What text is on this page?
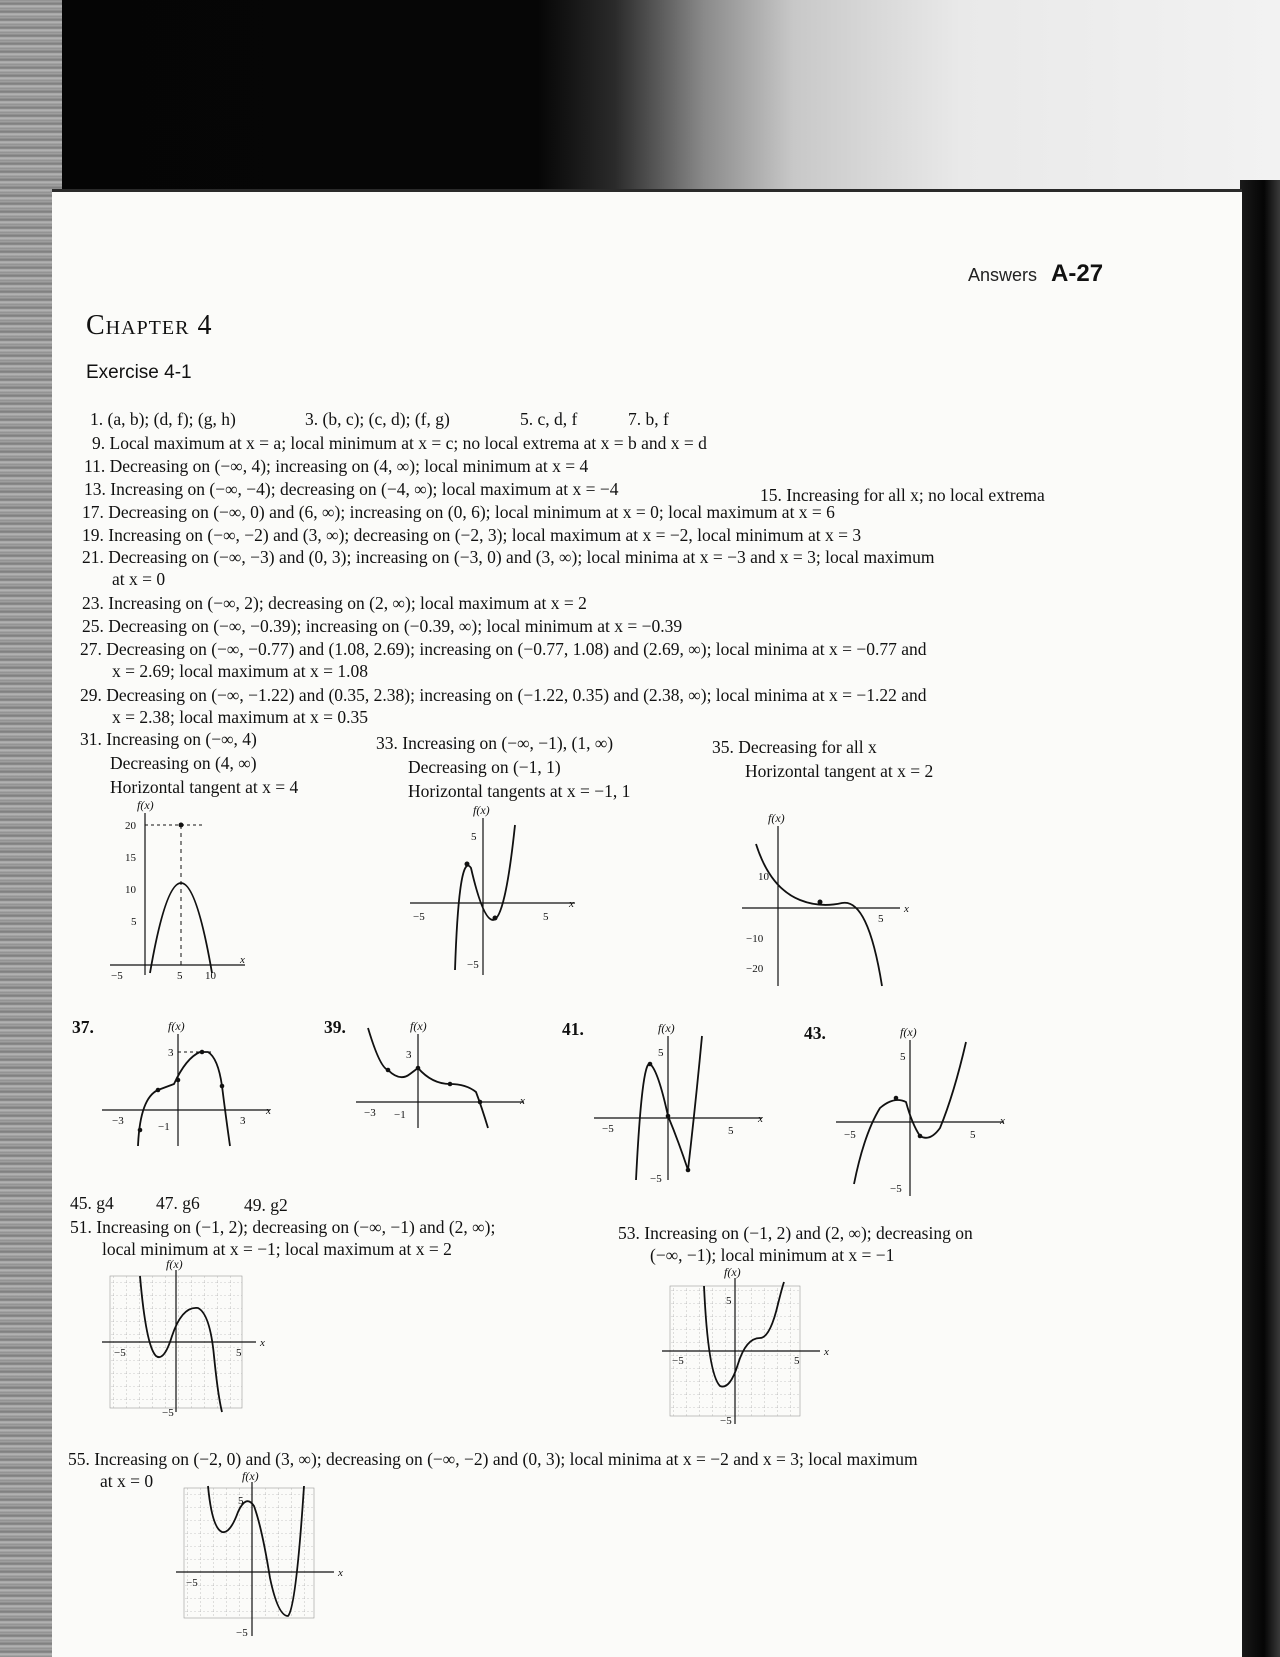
Answers A-27
Chapter 4
Exercise 4-1
1. (a, b); (d, f); (g, h)	3. (b, c); (c, d); (f, g)	5. c, d, f	7. b, f
9. Local maximum at x = a; local minimum at x = c; no local extrema at x = b and x = d
11. Decreasing on (−∞, 4); increasing on (4, ∞); local minimum at x = 4
13. Increasing on (−∞, −4); decreasing on (−4, ∞); local maximum at x = −4	15. Increasing for all x; no local extrema
17. Decreasing on (−∞, 0) and (6, ∞); increasing on (0, 6); local minimum at x = 0; local maximum at x = 6
19. Increasing on (−∞, −2) and (3, ∞); decreasing on (−2, 3); local maximum at x = −2, local minimum at x = 3
21. Decreasing on (−∞, −3) and (0, 3); increasing on (−3, 0) and (3, ∞); local minima at x = −3 and x = 3; local maximum
at x = 0
23. Increasing on (−∞, 2); decreasing on (2, ∞); local maximum at x = 2
25. Decreasing on (−∞, −0.39); increasing on (−0.39, ∞); local minimum at x = −0.39
27. Decreasing on (−∞, −0.77) and (1.08, 2.69); increasing on (−0.77, 1.08) and (2.69, ∞); local minima at x = −0.77 and
x = 2.69; local maximum at x = 1.08
29. Decreasing on (−∞, −1.22) and (0.35, 2.38); increasing on (−1.22, 0.35) and (2.38, ∞); local minima at x = −1.22 and
x = 2.38; local maximum at x = 0.35
31. Increasing on (−∞, 4)
Decreasing on (4, ∞)
Horizontal tangent at x = 4
33. Increasing on (−∞, −1), (1, ∞)
Decreasing on (−1, 1)
Horizontal tangents at x = −1, 1
35. Decreasing for all x
Horizontal tangent at x = 2
f(x)
x
20
15
10
5
−5	5 10
f(x)
x
5
−5
−5	5
f(x)
x
10
−10
−20
5
37.	39.	41.	43.
f(x)
x
3
−1
−3	3
f(x)
x
3
−3 −1
f(x)
x
5
−5
−5	5
f(x)
x
5
−5
−5	5
45. g4 47. g6	49. g2
51. Increasing on (−1, 2); decreasing on (−∞, −1) and (2, ∞);
local minimum at x = −1; local maximum at x = 2
53. Increasing on (−1, 2) and (2, ∞); decreasing on
(−∞, −1); local minimum at x = −1
f(x)
x
−5	5
−5
f(x)
x
5
−5
−5	5
55. Increasing on (−2, 0) and (3, ∞); decreasing on (−∞, −2) and (0, 3); local minima at x = −2 and x = 3; local maximum
at x = 0	f(x)
x
5
−5
−5
